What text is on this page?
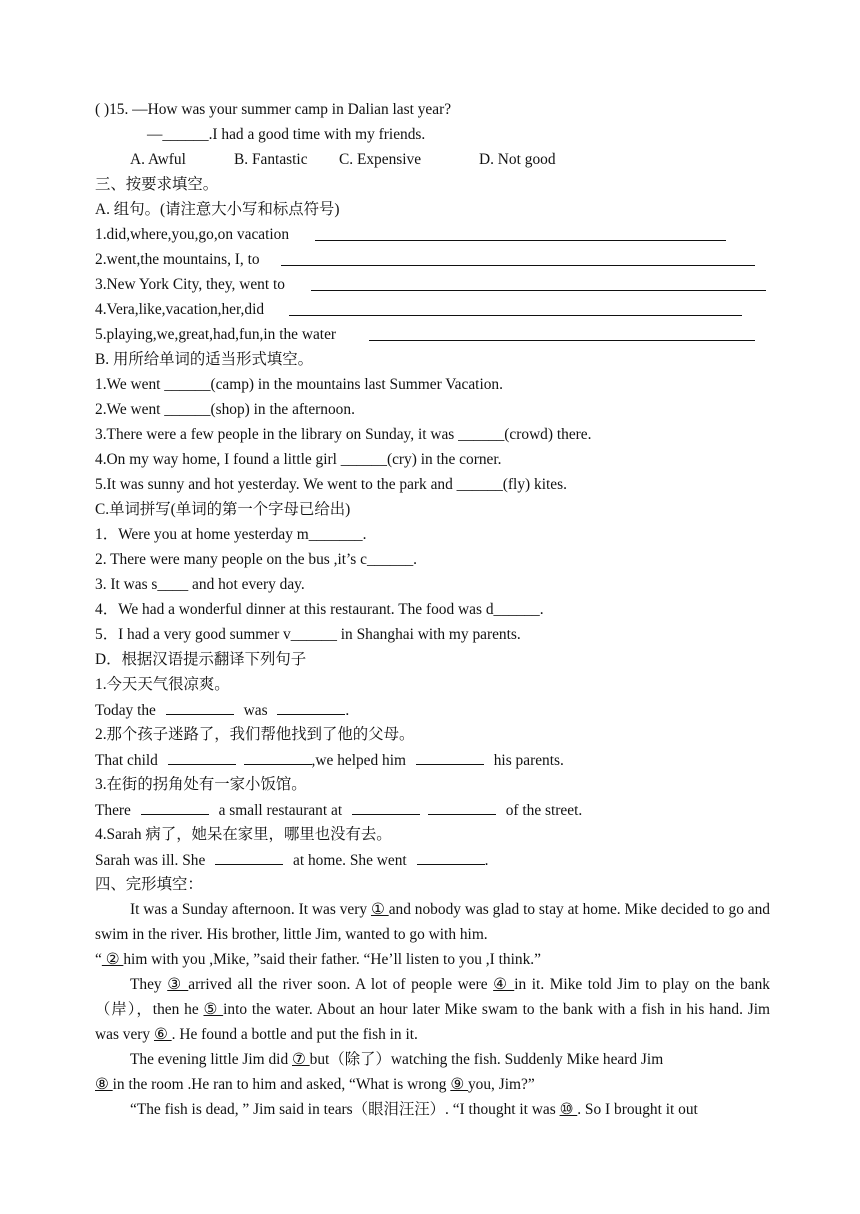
( )15. —How was your summer camp in Dalian last year?
—______.I had a good time with my friends.
A. Awful	B. Fantastic C. Expensive	D. Not good
三、按要求填空。
A. 组句。(请注意大小写和标点符号)
1.did,where,you,go,on vacation
2.went,the mountains, I, to
3.New York City, they, went to
4.Vera,like,vacation,her,did
5.playing,we,great,had,fun,in the water
B. 用所给单词的适当形式填空。
1.We went ______(camp) in the mountains last Summer Vacation.
2.We went ______(shop) in the afternoon.
3.There were a few people in the library on Sunday, it was ______(crowd) there.
4.On my way home, I found a little girl ______(cry) in the corner.
5.It was sunny and hot yesterday. We went to the park and ______(fly) kites.
C.单词拼写(单词的第一个字母已给出)
1．Were you at home yesterday m_______.
2. There were many people on the bus ,it’s c______.
3. It was s____ and hot every day.
4．We had a wonderful dinner at this restaurant. The food was d______.
5．I had a very good summer v______ in Shanghai with my parents.
D．根据汉语提示翻译下列句子
1.今天天气很凉爽。
Today the	was	.
2.那个孩子迷路了，我们帮他找到了他的父母。
That child	,we helped him	his parents.
3.在街的拐角处有一家小饭馆。
There	a small restaurant at	of the street.
4.Sarah 病了，她呆在家里，哪里也没有去。
Sarah was ill. She	at home. She went	.
四、完形填空：

It was a Sunday afternoon. It was very ① and nobody was glad to stay at home. Mike decided to go and swim in the river. His brother, little Jim, wanted to go with him.

“ ② him with you ,Mike, ”said their father. “He’ll listen to you ,I think.”

They ③ arrived all the river soon. A lot of people were ④ in it. Mike told Jim to play on the bank（岸），then he ⑤ into the water. About an hour later Mike swam to the bank with a fish in his hand. Jim was very ⑥ . He found a bottle and put the fish in it.

The evening little Jim did ⑦ but（除了）watching the fish. Suddenly Mike heard Jim
⑧ in the room .He ran to him and asked, “What is wrong ⑨ you, Jim?”

“The fish is dead, ” Jim said in tears（眼泪汪汪）. “I thought it was ⑩ . So I brought it out
